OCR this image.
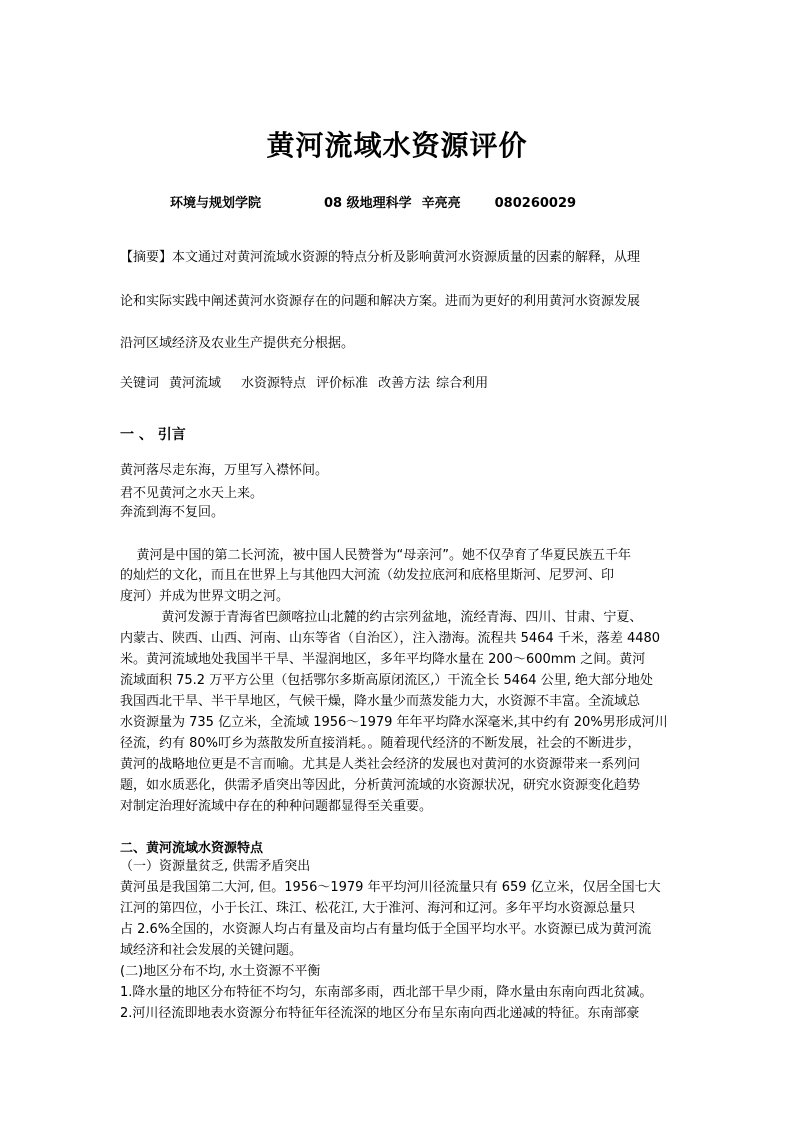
黄河流域水资源评价
环境与规划学院	08 级地理科学 辛亮亮	080260029
【摘要】本文通过对黄河流域水资源的特点分析及影响黄河水资源质量的因素的解释，从理
论和实际实践中阐述黄河水资源存在的问题和解决方案。进而为更好的利用黄河水资源发展
沿河区域经济及农业生产提供充分根据。
关键词 黄河流域 水资源特点 评价标准 改善方法 综合利用
一 、 引言
黄河落尽走东海，万里写入襟怀间。
君不见黄河之水天上来。
奔流到海不复回。
黄河是中国的第二长河流，被中国人民赞誉为“母亲河”。她不仅孕育了华夏民族五千年
的灿烂的文化，而且在世界上与其他四大河流（幼发拉底河和底格里斯河、尼罗河、印
度河）并成为世界文明之河。
黄河发源于青海省巴颜喀拉山北麓的约古宗列盆地，流经青海、四川、甘肃、宁夏、
内蒙古、陕西、山西、河南、山东等省（自治区），注入渤海。流程共 5464 千米，落差 4480
米。黄河流域地处我国半干旱、半湿润地区，多年平均降水量在 200～600mm 之间。黄河
流域面积 75.2 万平方公里（包括鄂尔多斯高原闭流区,）干流全长 5464 公里, 绝大部分地处
我国西北干旱、半干旱地区，气候干燥，降水量少而蒸发能力大，水资源不丰富。全流域总
水资源量为 735 亿立米，全流域 1956～1979 年年平均降水深毫米,其中约有 20%男形成河川
径流，约有 80%叮乡为蒸散发所直接消耗。。随着现代经济的不断发展，社会的不断进步，
黄河的战略地位更是不言而喻。尤其是人类社会经济的发展也对黄河的水资源带来一系列问
题，如水质恶化，供需矛盾突出等因此，分析黄河流域的水资源状况，研究水资源变化趋势
对制定治理好流域中存在的种种问题都显得至关重要。
二、黄河流域水资源特点
（一）资源量贫乏, 供需矛盾突出
黄河虽是我国第二大河, 但。1956～1979 年平均河川径流量只有 659 亿立米，仅居全国七大
江河的第四位，小于长江、珠江、松花江, 大于淮河、海河和辽河。多年平均水资源总量只
占 2.6%全国的，水资源人均占有量及亩均占有量均低于全国平均水平。水资源已成为黄河流
域经济和社会发展的关键问题。
(二)地区分布不均, 水土资源不平衡
1.降水量的地区分布特征不均匀，东南部多雨，西北部干旱少雨，降水量由东南向西北贫减。
2.河川径流即地表水资源分布特征年径流深的地区分布呈东南向西北递减的特征。东南部豪
